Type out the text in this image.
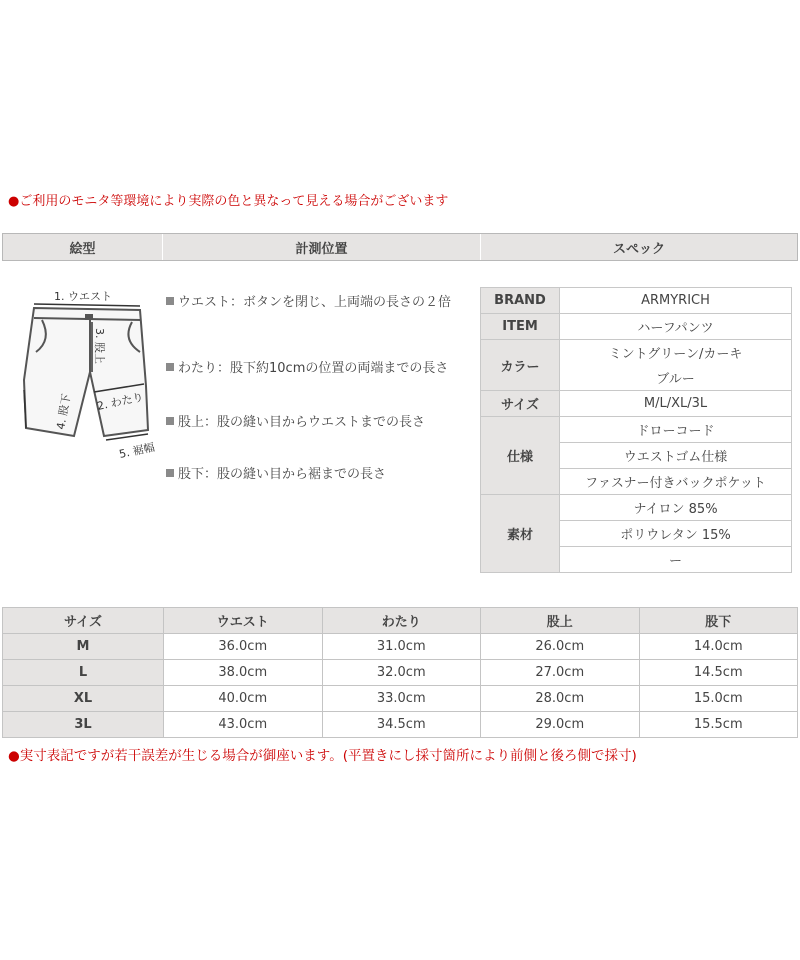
●ご利用のモニタ等環境により実際の色と異なって見える場合がございます
絵型	計測位置	スペック
1. ウエスト
3. 股上
2. わたり
4. 股下
5. 裾幅
ウエスト：ボタンを閉じ、上両端の長さの２倍
わたり：股下約10cmの位置の両端までの長さ
股上：股の縫い目からウエストまでの長さ
股下：股の縫い目から裾までの長さ
BRAND	ARMYRICH
ITEM	ハーフパンツ
カラー	ミントグリーン/カーキ
	ブルー
サイズ	M/L/XL/3L
仕様	ドローコード
	ウエストゴム仕様
	ファスナー付きバックポケット
素材	ナイロン 85%
	ポリウレタン 15%
	ー
サイズ	ウエスト	わたり	股上	股下
M	36.0cm	31.0cm	26.0cm	14.0cm
L	38.0cm	32.0cm	27.0cm	14.5cm
XL	40.0cm	33.0cm	28.0cm	15.0cm
3L	43.0cm	34.5cm	29.0cm	15.5cm
●実寸表記ですが若干誤差が生じる場合が御座います。(平置きにし採寸箇所により前側と後ろ側で採寸)
